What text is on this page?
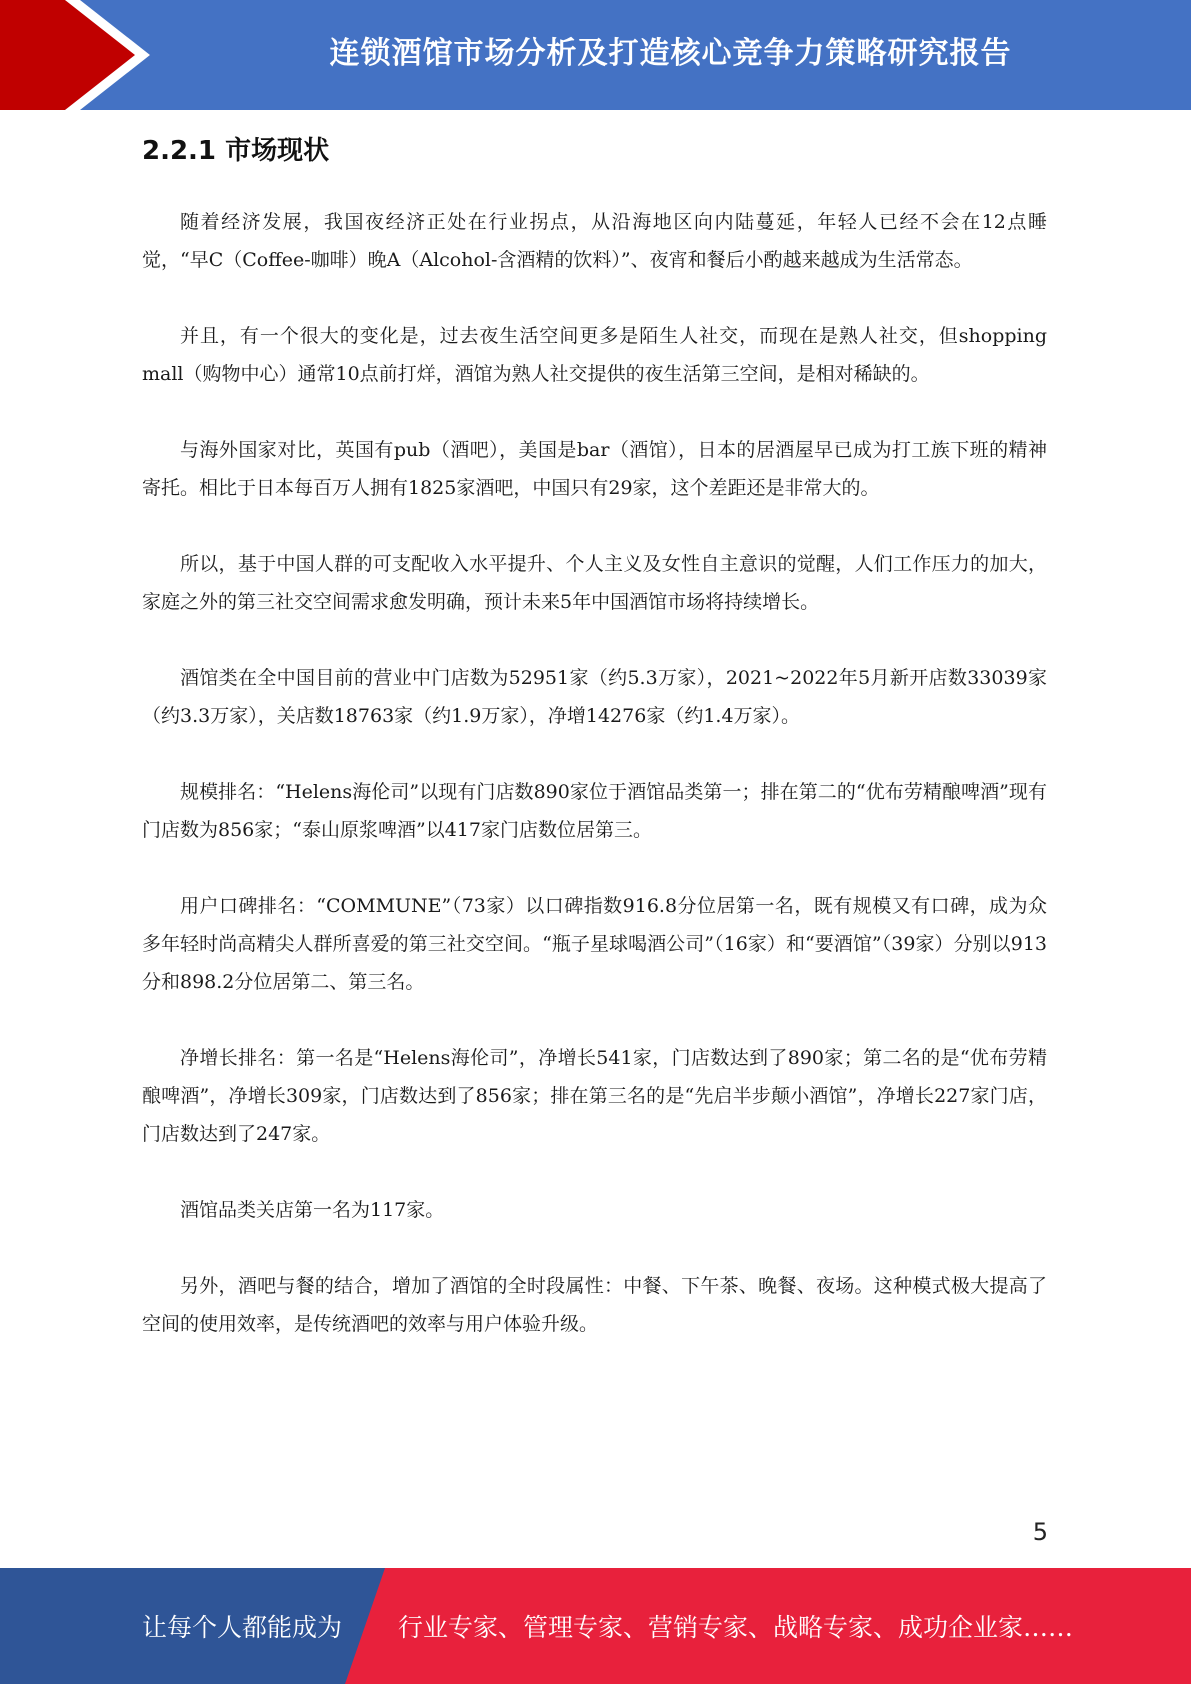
连锁酒馆市场分析及打造核心竞争力策略研究报告
2.2.1 市场现状

随着经济发展，我国夜经济正处在行业拐点，从沿海地区向内陆蔓延，年轻人已经不会在12点睡觉，“早C（Coffee-咖啡）晚A（Alcohol-含酒精的饮料）”、夜宵和餐后小酌越来越成为生活常态。

并且，有一个很大的变化是，过去夜生活空间更多是陌生人社交，而现在是熟人社交，但shopping mall（购物中心）通常10点前打烊，酒馆为熟人社交提供的夜生活第三空间，是相对稀缺的。

与海外国家对比，英国有pub（酒吧），美国是bar（酒馆），日本的居酒屋早已成为打工族下班的精神寄托。相比于日本每百万人拥有1825家酒吧，中国只有29家，这个差距还是非常大的。

所以，基于中国人群的可支配收入水平提升、个人主义及女性自主意识的觉醒，人们工作压力的加大，家庭之外的第三社交空间需求愈发明确，预计未来5年中国酒馆市场将持续增长。

酒馆类在全中国目前的营业中门店数为52951家（约5.3万家），2021~2022年5月新开店数33039家（约3.3万家），关店数18763家（约1.9万家），净增14276家（约1.4万家）。

规模排名：“Helens海伦司”以现有门店数890家位于酒馆品类第一；排在第二的“优布劳精酿啤酒”现有门店数为856家；“泰山原浆啤酒”以417家门店数位居第三。

用户口碑排名：“COMMUNE”（73家）以口碑指数916.8分位居第一名，既有规模又有口碑，成为众多年轻时尚高精尖人群所喜爱的第三社交空间。“瓶子星球喝酒公司”（16家）和“要酒馆”（39家）分别以913分和898.2分位居第二、第三名。

净增长排名：第一名是“Helens海伦司”，净增长541家，门店数达到了890家；第二名的是“优布劳精酿啤酒”，净增长309家，门店数达到了856家；排在第三名的是“先启半步颠小酒馆”，净增长227家门店，门店数达到了247家。

酒馆品类关店第一名为117家。

另外，酒吧与餐的结合，增加了酒馆的全时段属性：中餐、下午茶、晚餐、夜场。这种模式极大提高了空间的使用效率，是传统酒吧的效率与用户体验升级。

5
让每个人都能成为 行业专家、管理专家、营销专家、战略专家、成功企业家……
